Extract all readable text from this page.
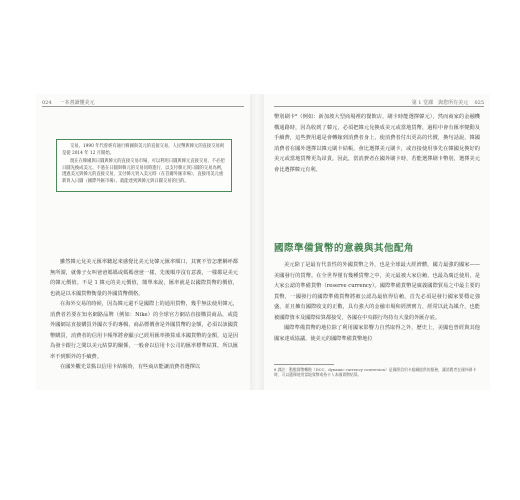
024 一本書讀懂美元

交易。1990 年代曾經有通行韓國與美元的直接交易，人民幣與韓元的直接交易則是從 2014 年 12 月開始。

現在在韓國與日圓與韓元的直接交易市場，可以利用日圓與韓元直接交易，不必把日圓先換成美元。不過在日圓與韓元的交易同時進行，以支付韓元買日圓的交易為例，透過美元與韓元的直接交易，支付韓元買入美元時（在首爾外匯市場），直接用美元重新買入日圓（國際外匯市場）。就能達到與韓元與日圓交易的目的。

雖然韓元兌美元匯率聽起來感覺比美元兌韓元匯率順口，其實不管怎麼稱呼都無所謂，就像子女叫爸爸媽媽或媽媽爸爸一樣，先後順序沒有意義，一樣都是美元的韓元價值。不是 1 韓元的美元價值，簡單來說，匯率就是以國際貨幣的價值，也就是以本國貨幣衡量的外國貨幣價格。

在海外交易的時候，因為韓元還不是國際上的通用貨幣，幾乎無法使用韓元，消費者若要在知名網路品牌（例如：Nike）的全球官方網站直接購買商品，或從外國網站直接購買外國衣手的專輯，商品標價會是外國貨幣的金額，必須以該國貨幣購買，消費者的信用卡帳單將會顯示已經用匯率換算成本國貨幣的金額，這是因為發卡銀行之間以美元結算的關係，一般會以信用卡公司的匯率標準結算，所以匯率不到額外的手續費。

在國外觀光景點以信用卡結帳時，有些商店能讓消費者選擇以

第 1 堂課　與您所有美元 025

幣別刷卡⁸（例如：新加坡大型商場裡的餐飲店，刷卡時能選擇韓元），然而商家的金融機構通路時，因為收到了韓元，必須把韓元兌換成美元或當地貨幣，過程中會有匯率變動及手續費，這些費用還是會轉嫁到消費者身上，使消費者付出更高的代價，換句話說，韓國消費者在國外選擇以韓元刷卡結帳，會比選擇美元刷卡，或直接使用事先在韓國兌換好的美元或當地貨幣更為昂貴。因此，當消費者在國外刷卡時，若能選擇刷卡幣別，選擇美元會比選擇韓元有利。

國際準備貨幣的意義與其他配角

美元除了是最有代表性的外國貨幣之外，也是全球最大經濟體，國力最強的國家——美國發行的貨幣。在全世界僅有幾種貨幣之中，美元最被大家信賴，也最為廣泛使用，是大家公認的準備貨幣（reserve currency）。國際準備貨幣是廣義國際貿易之中最主要的貨幣，一國發行的國際準備貨幣將被公認為最值得信賴，首先必須是發行國家要穩定強盛，並且擁有國際收支的正數，具有強大的金融市場和經濟實力，經常以此為媒介，也能被國際資本及國際結算都接受，各國在中央銀行均持有大量的外匯存底。

國際準備貨幣的地位除了利用國家影響力自然取得之外，歷史上，美國也曾經與其他國家達成協議，使美元的國際準備貨幣地位

8 譯註：動態貨幣轉換（DCC，dynamic currency conversion）是國際信用卡組織提供的服務，讓消費者在國外刷卡時，可以選擇使用當地貨幣或持卡人本國貨幣結算。
